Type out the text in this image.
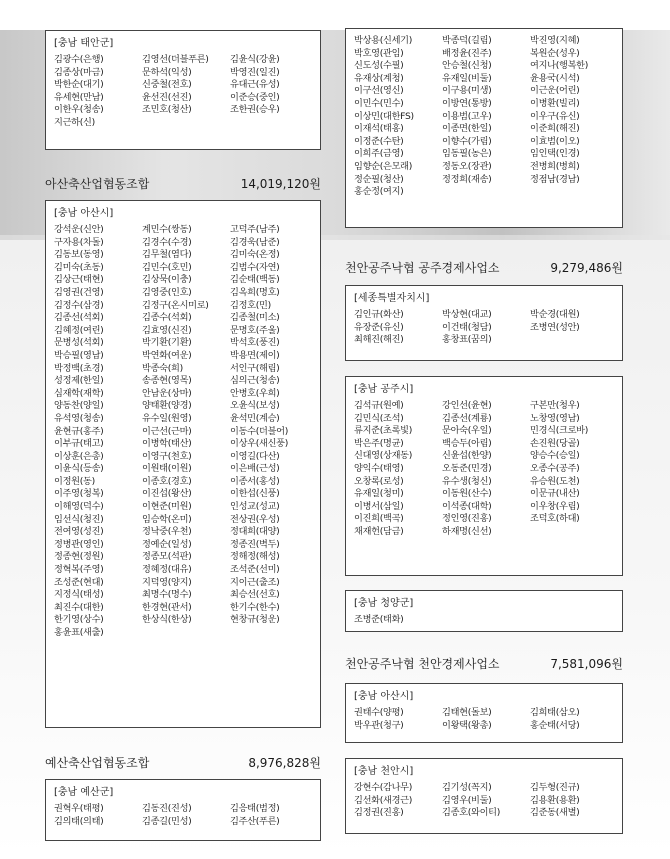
[충남 태안군]
김광수(은행)	김영선(더블푸른)	김윤식(강윤)
김종상(마금)	문하석(익성)	박영진(일진)
박한순(대기)	신중철(전호)	유대근(유성)
유세현(만남)	윤선진(선진)	이준승(중인)
이한우(청송)	조민호(청산)	조한권(승우)
지근하(신)
아산축산업협동조합	14,019,120원
[충남 아산시]
강석운(신안)	계민수(쌍동)	고덕주(남주)
구자용(차돌)	김경수(수경)	김경욱(남준)
김동보(동영)	김무철(염다)	김미숙(온정)
김미숙(초동)	김민수(호민)	김범수(자연)
김상근(태현)	김상묵(이충)	김순태(백동)
김영권(건영)	김영중(인호)	김옥희(명호)
김정수(삼경)	김정구(온시미로)	김정호(민)
김종선(석회)	김종수(석회)	김종철(미소)
김혜정(여린)	김효영(신진)	문명호(주울)
문병성(석회)	박기환(기환)	박석호(풍진)
박승필(영남)	박연화(여운)	박용면(제이)
박정백(초경)	박종숙(희)	서인구(해림)
성정제(한일)	송종현(영목)	심의근(청송)
심재학(재학)	안남운(상마)	안병호(우희)
양동찬(양일)	양태환(양경)	오윤식(보성)
유석영(청송)	유수일(원영)	윤석민(계승)
윤현규(홍주)	이근선(근마)	이동수(더블어)
이부규(태고)	이병학(태산)	이상우(새신풍)
이상훈(은총)	이영구(천호)	이영길(다산)
이윤식(등송)	이원태(이원)	이은배(근성)
이정원(동)	이종호(경호)	이종서(홍성)
이주영(청복)	이진섭(왕산)	이한섭(신풍)
이해영(덕수)	이현준(미원)	인성교(성교)
임선식(청진)	임승학(온미)	전상권(우성)
전여영(성진)	정낙중(우천)	정대희(대양)
정병관(영인)	정예순(일성)	정종진(벽두)
정종현(정원)	정종모(석판)	정해정(해성)
정혁복(주영)	정혜정(대유)	조석준(선미)
조성준(현대)	지덕영(양지)	지이근(출조)
지정식(태성)	최명수(명수)	최승선(선호)
최진수(대한)	한경현(관서)	한기수(한수)
한기영(상수)	한상식(한상)	현창규(청운)
홍윤표(새출)
예산축산업협동조합	8,976,828원
[충남 예산군]
권혁우(태평)	김동진(진성)	김응태(범정)
김의태(의태)	김종길(민성)	김주산(푸른)
박상용(신세기)	박종덕(길림)	박진영(지혜)
박호영(관임)	배정윤(진주)	복원순(성우)
신도성(수필)	안승철(신청)	여지나(행복한)
유재상(계청)	유재일(비둘)	윤용국(시석)
이구선(영신)	이구용(미생)	이근운(어린)
이민수(민수)	이방연(통방)	이병환(빌리)
이상민(대한FS)	이용범(고우)	이우구(유신)
이재석(태홍)	이종면(한일)	이준희(해진)
이정준(수탄)	이향수(가림)	이효범(이오)
이희주(금영)	임동필(농은)	임인택(인경)
임향순(은모래)	정동오(장관)	전병희(병희)
정순필(청산)	정정희(재송)	정점남(경남)
홍순정(여지)
천안공주낙협 공주경제사업소	9,279,486원
[세종특별자치시]
김인규(화산)	박상현(대교)	박순경(대원)
유장준(유신)	이건태(청담)	조병연(성안)
최해진(해진)	홍창표(꿈의)
[충남 공주시]
김석규(원예)	강인선(윤현)	구본만(청우)
김민식(조석)	김종선(계룡)	노창영(영남)
류지준(초록빛)	문아숙(우일)	민경식(크로바)
박은주(명균)	백승두(아림)	손진원(당골)
신대영(상재동)	신윤섭(한양)	양승수(승일)
양익수(태영)	오동준(민경)	오종수(공주)
오창록(로성)	유수생(청신)	유승원(도천)
유재일(청미)	이동원(산수)	이문규(내산)
이병서(삼일)	이석종(대학)	이우창(우림)
이진희(백곡)	정인영(진홍)	조덕호(하대)
채재헌(담금)	하재명(신선)
[충남 청양군]
조병준(태화)
천안공주낙협 천안경제사업소	7,581,096원
[충남 아산시]
권태수(양평)	김태현(돌보)	김희태(삼오)
박우관(청구)	이왕택(왕총)	홍순태(서당)
[충남 천안시]
강현수(감나무)	김기성(꼭지)	김두형(진규)
김선화(새경근)	김영우(비둘)	김용환(용환)
김정권(진홍)	김종호(와이티)	김준동(새별)
